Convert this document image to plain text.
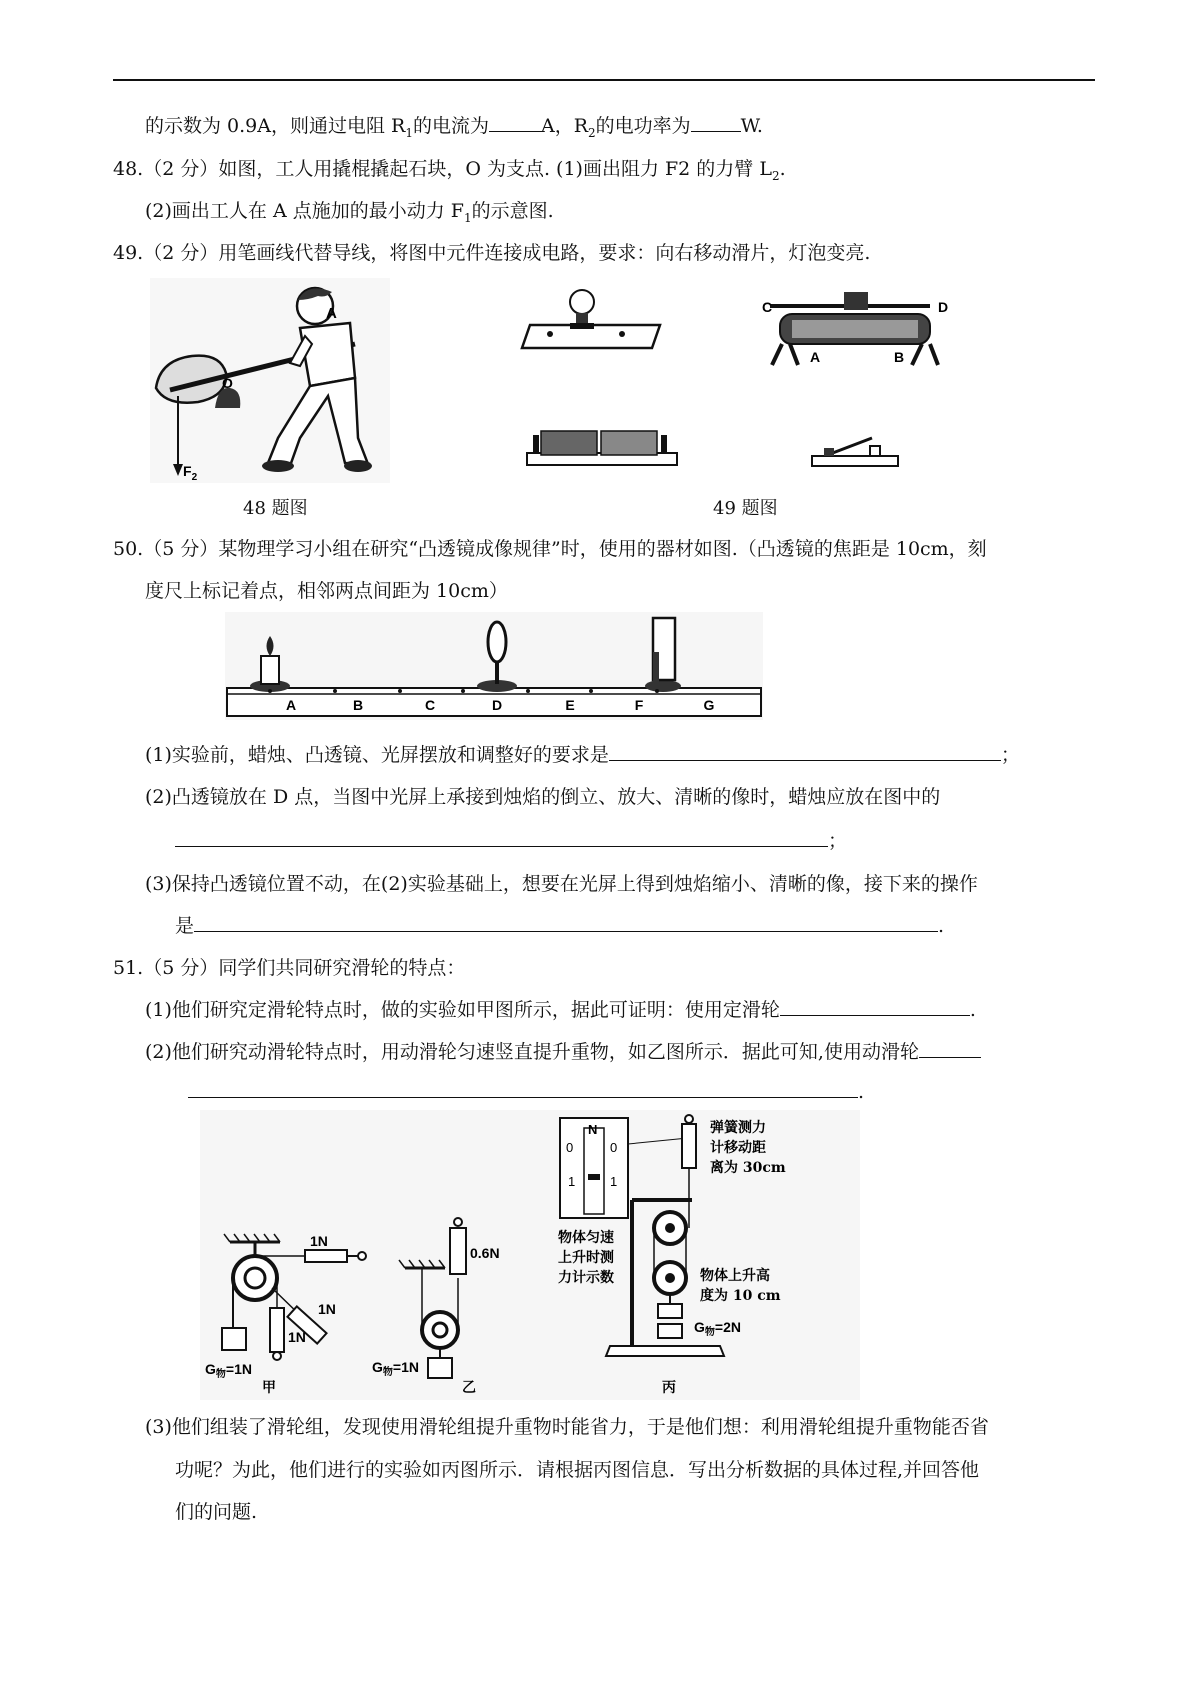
的示数为 0.9A，则通过电阻 $R_1$的电流为	A，$R_2$的电功率为	W.
48.（2 分）如图，工人用撬棍撬起石块，O 为支点. (1)画出阻力 F2 的力臂 $L_2$.
(2)画出工人在 A 点施加的最小动力 $F_1$的示意图.
49.（2 分）用笔画线代替导线，将图中元件连接成电路，要求：向右移动滑片，灯泡变亮.
A
O
$F_2$
C	D
A	B
48 题图	49 题图
50.（5 分）某物理学习小组在研究“凸透镜成像规律”时，使用的器材如图.（凸透镜的焦距是 10cm，刻
度尺上标记着点，相邻两点间距为 10cm）
A	B	C	D	E	F	G
(1)实验前，蜡烛、凸透镜、光屏摆放和调整好的要求是	；
(2)凸透镜放在 D 点，当图中光屏上承接到烛焰的倒立、放大、清晰的像时，蜡烛应放在图中的
；
(3)保持凸透镜位置不动，在(2)实验基础上，想要在光屏上得到烛焰缩小、清晰的像，接下来的操作
是	.
51.（5 分）同学们共同研究滑轮的特点：
(1)他们研究定滑轮特点时，做的实验如甲图所示，据此可证明：使用定滑轮	.
(2)他们研究动滑轮特点时，用动滑轮匀速竖直提升重物，如乙图所示．据此可知,使用动滑轮
.
1N
1N
1N
$G_物=1N$
甲
0.6N
$G_物=1N$
乙
N
0	0
1	1
物体匀速
上升时测
力计示数
弹簧测力
计移动距
离为 30cm
物体上升高
度为 10 cm
$G_物=2N$
丙
(3)他们组装了滑轮组，发现使用滑轮组提升重物时能省力，于是他们想：利用滑轮组提升重物能否省
功呢？为此，他们进行的实验如丙图所示．请根据丙图信息．写出分析数据的具体过程,并回答他
们的问题.
